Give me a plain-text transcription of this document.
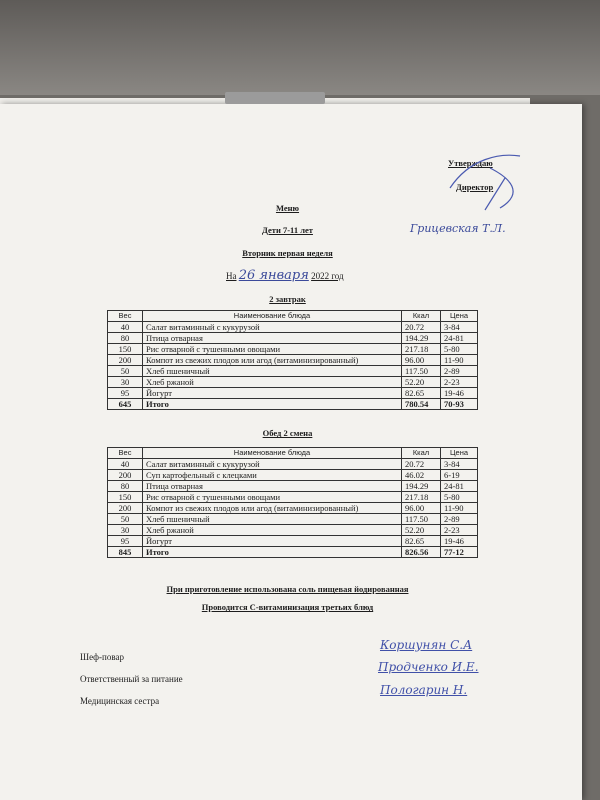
Утверждаю
Директор
Грицевская Т.Л.
Меню
Дети 7-11 лет
Вторник первая неделя
На 26 января 2022 год
2 завтрак
Вес	Наименование блюда	Ккал	Цена
40	Салат витаминный с кукурузой	20.72	3-84
80	Птица отварная	194.29	24-81
150	Рис отварной с тушенными овощами	217.18	5-80
200	Компот из свежих плодов или агод (витаминизированный)	96.00	11-90
50	Хлеб пшеничный	117.50	2-89
30	Хлеб ржаной	52.20	2-23
95	Йогурт	82.65	19-46
645	Итого	780.54	70-93
Обед 2 смена
Вес	Наименование блюда	Ккал	Цена
40	Салат витаминный с кукурузой	20.72	3-84
200	Суп картофельный с клецками	46.02	6-19
80	Птица отварная	194.29	24-81
150	Рис отварной с тушенными овощами	217.18	5-80
200	Компот из свежих плодов или агод (витаминизированный)	96.00	11-90
50	Хлеб пшеничный	117.50	2-89
30	Хлеб ржаной	52.20	2-23
95	Йогурт	82.65	19-46
845	Итого	826.56	77-12
При приготовление использована соль пищевая йодированная
Проводится С-витаминизация третьих блюд
Шеф-повар
Ответственный за питание
Медицинская сестра
Коршунян С.А
Продченко И.Е.
Пологарин Н.
